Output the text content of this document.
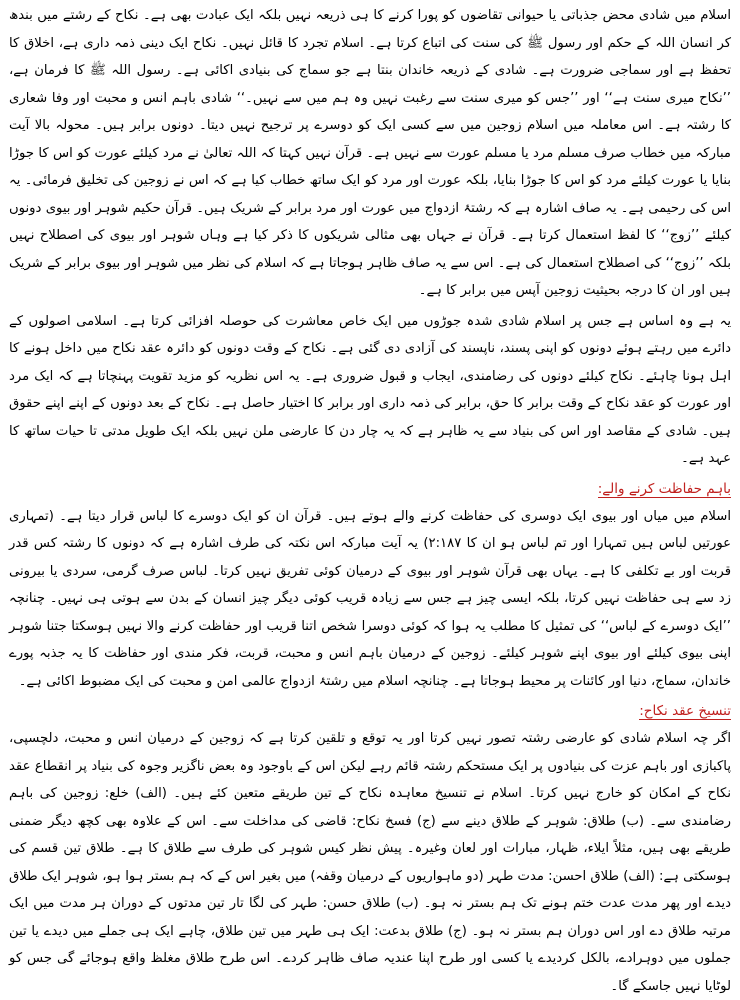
اسلام میں شادی محض جذباتی یا حیوانی تقاضوں کو پورا کرنے کا ہی ذریعہ نہیں بلکہ ایک عبادت بھی ہے۔ نکاح کے رشتے میں بندھ کر انسان اللہ کے حکم اور رسول ﷺ کی سنت کی اتباع کرتا ہے۔ اسلام تجرد کا قائل نہیں۔ نکاح ایک دینی ذمہ داری ہے، اخلاق کا تحفظ ہے اور سماجی ضرورت ہے۔ شادی کے ذریعہ خاندان بنتا ہے جو سماج کی بنیادی اکائی ہے۔ رسول اللہ ﷺ کا فرمان ہے، ’’نکاح میری سنت ہے‘‘ اور ’’جس کو میری سنت سے رغبت نہیں وہ ہم میں سے نہیں۔‘‘ شادی باہم انس و محبت اور وفا شعاری کا رشتہ ہے۔ اس معاملہ میں اسلام زوجین میں سے کسی ایک کو دوسرے پر ترجیح نہیں دیتا۔ دونوں برابر ہیں۔ محولہ بالا آیت مبارکہ میں خطاب صرف مسلم مرد یا مسلم عورت سے نہیں ہے۔ قرآن نہیں کہتا کہ اللہ تعالیٰ نے مرد کیلئے عورت کو اس کا جوڑا بنایا یا عورت کیلئے مرد کو اس کا جوڑا بنایا، بلکہ عورت اور مرد کو ایک ساتھ خطاب کیا ہے کہ اس نے زوجین کی تخلیق فرمائی۔ یہ اس کی رحیمی ہے۔ یہ صاف اشارہ ہے کہ رشتۂ ازدواج میں عورت اور مرد برابر کے شریک ہیں۔ قرآن حکیم شوہر اور بیوی دونوں کیلئے ’’زوج‘‘ کا لفظ استعمال کرتا ہے۔ قرآن نے جہاں بھی مثالی شریکوں کا ذکر کیا ہے وہاں شوہر اور بیوی کی اصطلاح نہیں بلکہ ’’زوج‘‘ کی اصطلاح استعمال کی ہے۔ اس سے یہ صاف ظاہر ہوجاتا ہے کہ اسلام کی نظر میں شوہر اور بیوی برابر کے شریک ہیں اور ان کا درجہ بحیثیت زوجین آپس میں برابر کا ہے۔

یہ ہے وہ اساس ہے جس پر اسلام شادی شدہ جوڑوں میں ایک خاص معاشرت کی حوصلہ افزائی کرتا ہے۔ اسلامی اصولوں کے دائرے میں رہتے ہوئے دونوں کو اپنی پسند، ناپسند کی آزادی دی گئی ہے۔ نکاح کے وقت دونوں کو دائرہ عقد نکاح میں داخل ہونے کا اہل ہونا چاہئے۔ نکاح کیلئے دونوں کی رضامندی، ایجاب و قبول ضروری ہے۔ یہ اس نظریہ کو مزید تقویت پہنچاتا ہے کہ ایک مرد اور عورت کو عقد نکاح کے وقت برابر کا حق، برابر کی ذمہ داری اور برابر کا اختیار حاصل ہے۔ نکاح کے بعد دونوں کے اپنے اپنے حقوق ہیں۔ شادی کے مقاصد اور اس کی بنیاد سے یہ ظاہر ہے کہ یہ چار دن کا عارضی ملن نہیں بلکہ ایک طویل مدتی تا حیات ساتھ کا عہد ہے۔

باہم حفاظت کرنے والے:

اسلام میں میاں اور بیوی ایک دوسری کی حفاظت کرنے والے ہوتے ہیں۔ قرآن ان کو ایک دوسرے کا لباس قرار دیتا ہے۔ (تمہاری عورتیں لباس ہیں تمہارا اور تم لباس ہو ان کا ۲:۱۸۷) یہ آیت مبارکہ اس نکتہ کی طرف اشارہ ہے کہ دونوں کا رشتہ کس قدر قربت اور بے تکلفی کا ہے۔ یہاں بھی قرآن شوہر اور بیوی کے درمیان کوئی تفریق نہیں کرتا۔ لباس صرف گرمی، سردی یا بیرونی زد سے ہی حفاظت نہیں کرتا، بلکہ ایسی چیز ہے جس سے زیادہ قریب کوئی دیگر چیز انسان کے بدن سے ہوتی ہی نہیں۔ چنانچہ ’’ایک دوسرے کے لباس‘‘ کی تمثیل کا مطلب یہ ہوا کہ کوئی دوسرا شخص اتنا قریب اور حفاظت کرنے والا نہیں ہوسکتا جتنا شوہر اپنی بیوی کیلئے اور بیوی اپنے شوہر کیلئے۔ زوجین کے درمیان باہم انس و محبت، قربت، فکر مندی اور حفاظت کا یہ جذبہ پورے خاندان، سماج، دنیا اور کائنات پر محیط ہوجاتا ہے۔ چنانچہ اسلام میں رشتۂ ازدواج عالمی امن و محبت کی ایک مضبوط اکائی ہے۔

تنسیخ عقد نکاح:

اگر چہ اسلام شادی کو عارضی رشتہ تصور نہیں کرتا اور یہ توقع و تلقین کرتا ہے کہ زوجین کے درمیان انس و محبت، دلچسپی، پاکبازی اور باہم عزت کی بنیادوں پر ایک مستحکم رشتہ قائم رہے لیکن اس کے باوجود وہ بعض ناگزیر وجوہ کی بنیاد پر انقطاع عقد نکاح کے امکان کو خارج نہیں کرتا۔ اسلام نے تنسیخ معاہدہ نکاح کے تین طریقے متعین کئے ہیں۔ (الف) خلع: زوجین کی باہم رضامندی سے۔ (ب) طلاق: شوہر کے طلاق دینے سے (ج) فسخ نکاح: قاضی کی مداخلت سے۔ اس کے علاوہ بھی کچھ دیگر ضمنی طریقے بھی ہیں، مثلاً ایلاء، ظہار، مبارات اور لعان وغیرہ۔ پیش نظر کیس شوہر کی طرف سے طلاق کا ہے۔ طلاق تین قسم کی ہوسکتی ہے: (الف) طلاق احسن: مدت طہر (دو ماہواریوں کے درمیان وقفہ) میں بغیر اس کے کہ ہم بستر ہوا ہو، شوہر ایک طلاق دیدے اور پھر مدت عدت ختم ہونے تک ہم بستر نہ ہو۔ (ب) طلاق حسن: طہر کی لگا تار تین مدتوں کے دوران ہر مدت میں ایک مرتبہ طلاق دے اور اس دوران ہم بستر نہ ہو۔ (ج) طلاق بدعت: ایک ہی طہر میں تین طلاق، چاہے ایک ہی جملے میں دیدے یا تین جملوں میں دوہرادے، بالکل کردیدے یا کسی اور طرح اپنا عندیہ صاف ظاہر کردے۔ اس طرح طلاق مغلظ واقع ہوجائے گی جس کو لوٹایا نہیں جاسکے گا۔
